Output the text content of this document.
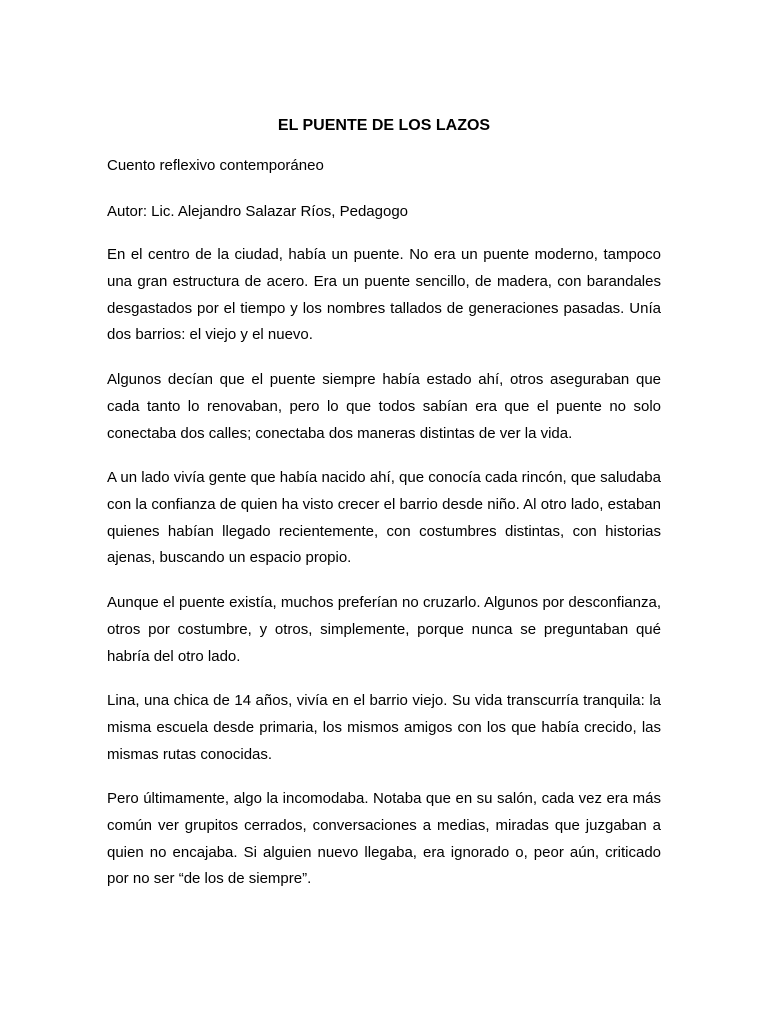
EL PUENTE DE LOS LAZOS

Cuento reflexivo contemporáneo

Autor: Lic. Alejandro Salazar Ríos, Pedagogo

En el centro de la ciudad, había un puente. No era un puente moderno, tampoco una gran estructura de acero. Era un puente sencillo, de madera, con barandales desgastados por el tiempo y los nombres tallados de generaciones pasadas. Unía dos barrios: el viejo y el nuevo.

Algunos decían que el puente siempre había estado ahí, otros aseguraban que cada tanto lo renovaban, pero lo que todos sabían era que el puente no solo conectaba dos calles; conectaba dos maneras distintas de ver la vida.

A un lado vivía gente que había nacido ahí, que conocía cada rincón, que saludaba con la confianza de quien ha visto crecer el barrio desde niño. Al otro lado, estaban quienes habían llegado recientemente, con costumbres distintas, con historias ajenas, buscando un espacio propio.

Aunque el puente existía, muchos preferían no cruzarlo. Algunos por desconfianza, otros por costumbre, y otros, simplemente, porque nunca se preguntaban qué habría del otro lado.

Lina, una chica de 14 años, vivía en el barrio viejo. Su vida transcurría tranquila: la misma escuela desde primaria, los mismos amigos con los que había crecido, las mismas rutas conocidas.

Pero últimamente, algo la incomodaba. Notaba que en su salón, cada vez era más común ver grupitos cerrados, conversaciones a medias, miradas que juzgaban a quien no encajaba. Si alguien nuevo llegaba, era ignorado o, peor aún, criticado por no ser “de los de siempre”.
